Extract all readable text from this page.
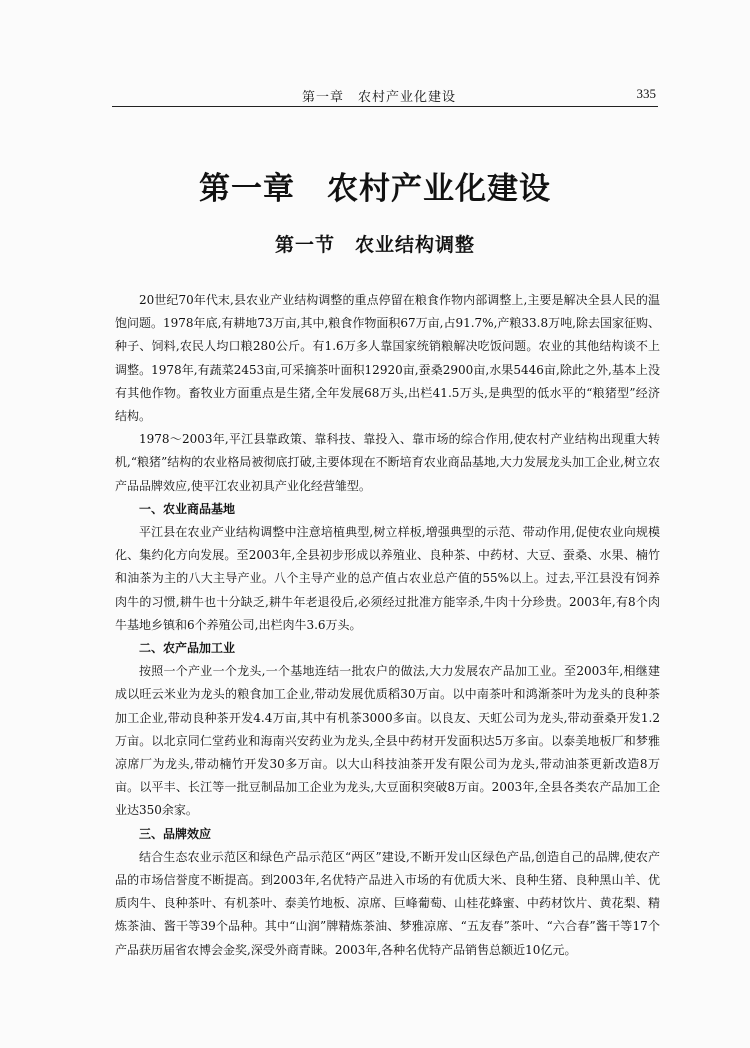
第一章　农村产业化建设	335
第一章　农村产业化建设
第一节　农业结构调整

20世纪70年代末,县农业产业结构调整的重点停留在粮食作物内部调整上,主要是解决全县人民的温饱问题。1978年底,有耕地73万亩,其中,粮食作物面积67万亩,占91.7%,产粮33.8万吨,除去国家征购、种子、饲料,农民人均口粮280公斤。有1.6万多人靠国家统销粮解决吃饭问题。农业的其他结构谈不上调整。1978年,有蔬菜2453亩,可采摘茶叶面积12920亩,蚕桑2900亩,水果5446亩,除此之外,基本上没有其他作物。畜牧业方面重点是生猪,全年发展68万头,出栏41.5万头,是典型的低水平的“粮猪型”经济结构。

1978～2003年,平江县靠政策、靠科技、靠投入、靠市场的综合作用,使农村产业结构出现重大转机,“粮猪”结构的农业格局被彻底打破,主要体现在不断培育农业商品基地,大力发展龙头加工企业,树立农产品品牌效应,使平江农业初具产业化经营雏型。

一、农业商品基地

平江县在农业产业结构调整中注意培植典型,树立样板,增强典型的示范、带动作用,促使农业向规模化、集约化方向发展。至2003年,全县初步形成以养殖业、良种茶、中药材、大豆、蚕桑、水果、楠竹和油茶为主的八大主导产业。八个主导产业的总产值占农业总产值的55%以上。过去,平江县没有饲养肉牛的习惯,耕牛也十分缺乏,耕牛年老退役后,必须经过批准方能宰杀,牛肉十分珍贵。2003年,有8个肉牛基地乡镇和6个养殖公司,出栏肉牛3.6万头。

二、农产品加工业

按照一个产业一个龙头,一个基地连结一批农户的做法,大力发展农产品加工业。至2003年,相继建成以旺云米业为龙头的粮食加工企业,带动发展优质稻30万亩。以中南茶叶和鸿渐茶叶为龙头的良种茶加工企业,带动良种茶开发4.4万亩,其中有机茶3000多亩。以良友、天虹公司为龙头,带动蚕桑开发1.2万亩。以北京同仁堂药业和海南兴安药业为龙头,全县中药材开发面积达5万多亩。以泰美地板厂和梦雅凉席厂为龙头,带动楠竹开发30多万亩。以大山科技油茶开发有限公司为龙头,带动油茶更新改造8万亩。以平丰、长江等一批豆制品加工企业为龙头,大豆面积突破8万亩。2003年,全县各类农产品加工企业达350余家。

三、品牌效应

结合生态农业示范区和绿色产品示范区“两区”建设,不断开发山区绿色产品,创造自己的品牌,使农产品的市场信誉度不断提高。到2003年,名优特产品进入市场的有优质大米、良种生猪、良种黑山羊、优质肉牛、良种茶叶、有机茶叶、泰美竹地板、凉席、巨峰葡萄、山桂花蜂蜜、中药材饮片、黄花梨、精炼茶油、酱干等39个品种。其中“山润”牌精炼茶油、梦雅凉席、“五友春”茶叶、“六合春”酱干等17个产品获历届省农博会金奖,深受外商青睐。2003年,各种名优特产品销售总额近10亿元。
